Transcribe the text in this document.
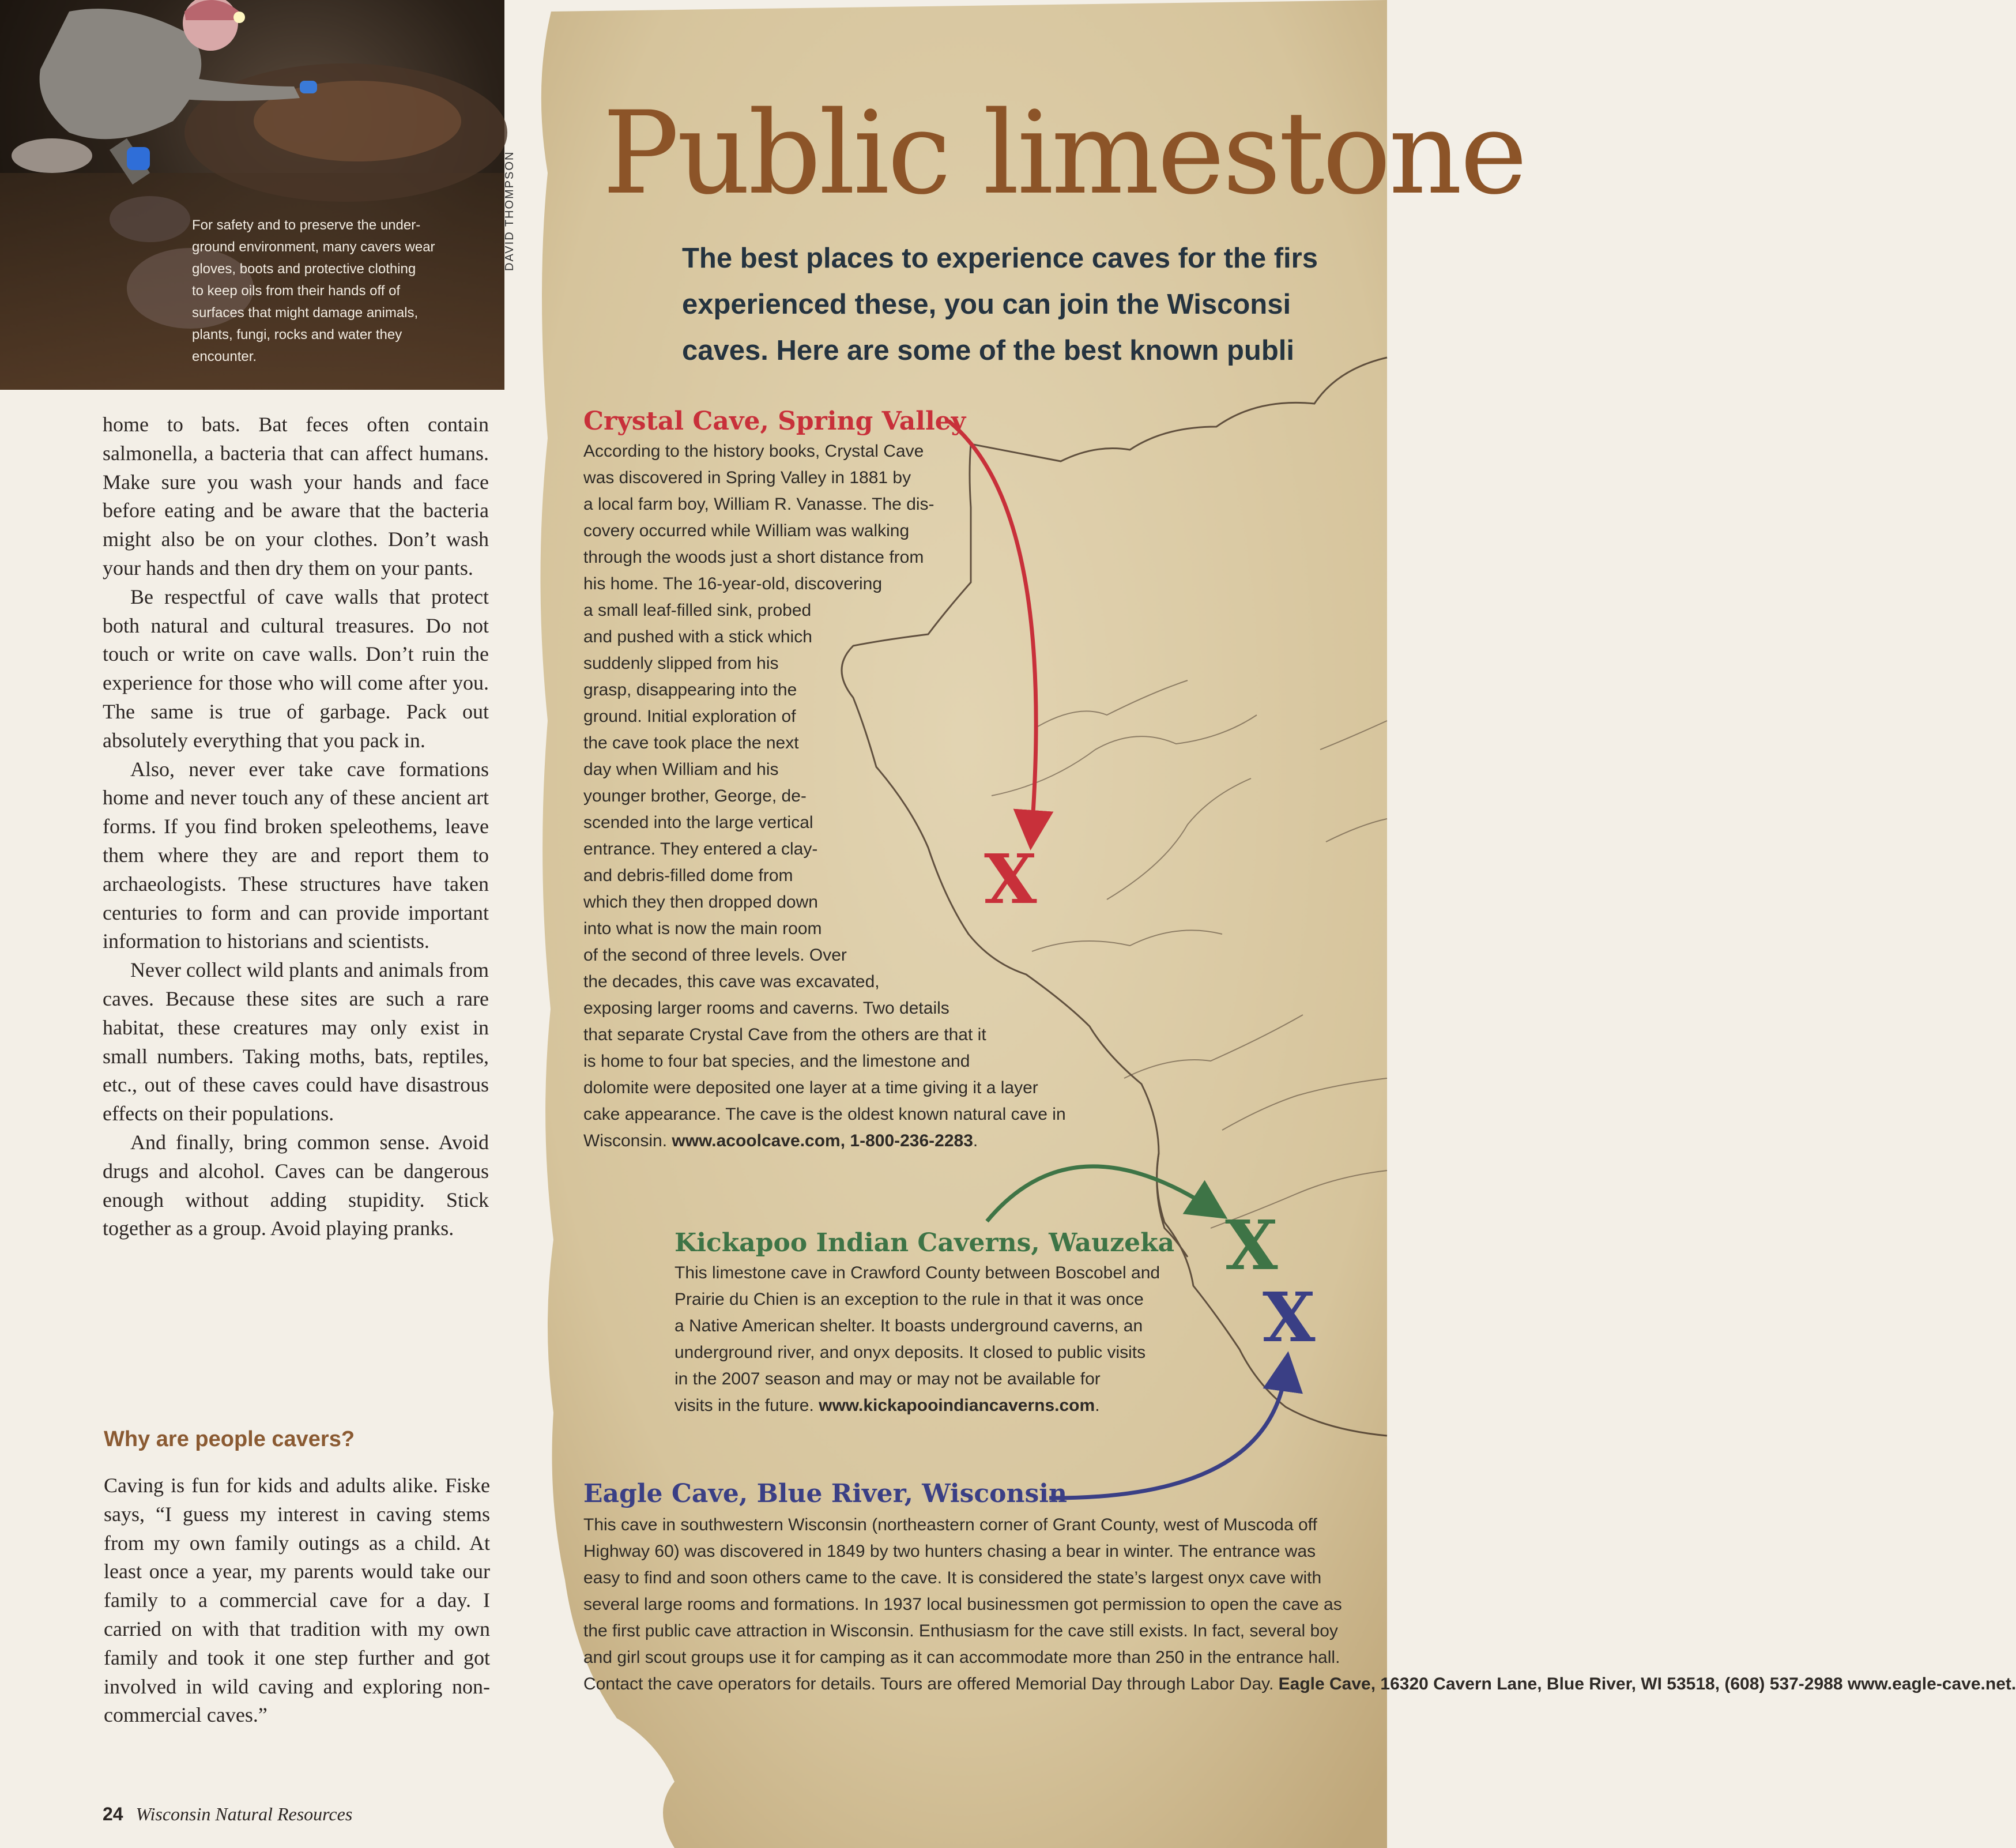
For safety and to preserve the under-
ground environment, many cavers wear
gloves, boots and protective clothing
to keep oils from their hands off of
surfaces that might damage animals,
plants, fungi, rocks and water they
encounter.
DAVID THOMPSON

home to bats. Bat feces often contain salmonella, a bacteria that can affect humans. Make sure you wash your hands and face before eating and be aware that the bacteria might also be on your clothes. Don’t wash your hands and then dry them on your pants.

Be respectful of cave walls that protect both natural and cultural treasures. Do not touch or write on cave walls. Don’t ruin the experience for those who will come after you. The same is true of garbage. Pack out absolutely everything that you pack in.

Also, never ever take cave formations home and never touch any of these ancient art forms. If you find broken speleothems, leave them where they are and report them to archaeologists. These structures have taken centuries to form and can provide important information to historians and scientists.

Never collect wild plants and animals from caves. Because these sites are such a rare habitat, these creatures may only exist in small numbers. Taking moths, bats, reptiles, etc., out of these caves could have disastrous effects on their populations.

And finally, bring common sense. Avoid drugs and alcohol. Caves can be dangerous enough without adding stupidity. Stick together as a group. Avoid playing pranks.

Why are people cavers?

Caving is fun for kids and adults alike. Fiske says, “I guess my interest in caving stems from my own family outings as a child. At least once a year, my parents would take our family to a commercial cave for a day. I carried on with that tradition with my own family and took it one step further and got involved in wild caving and exploring non-commercial caves.”

24 Wisconsin Natural Resources
Public limestone
The best places to experience caves for the firs
experienced these, you can join the Wisconsi
caves. Here are some of the best known publi
Crystal Cave, Spring Valley

According to the history books, Crystal Cave

was discovered in Spring Valley in 1881 by

a local farm boy, William R. Vanasse. The dis-

covery occurred while William was walking

through the woods just a short distance from

his home. The 16-year-old, discovering

a small leaf-filled sink, probed

and pushed with a stick which

suddenly slipped from his

grasp, disappearing into the

ground. Initial exploration of

the cave took place the next

day when William and his

younger brother, George, de-

scended into the large vertical

entrance. They entered a clay-

and debris-filled dome from

which they then dropped down

into what is now the main room

of the second of three levels. Over

the decades, this cave was excavated,

exposing larger rooms and caverns. Two details

that separate Crystal Cave from the others are that it

is home to four bat species, and the limestone and

dolomite were deposited one layer at a time giving it a layer

cake appearance. The cave is the oldest known natural cave in

Wisconsin. www.acoolcave.com, 1-800-236-2283.

X
Kickapoo Indian Caverns, Wauzeka

This limestone cave in Crawford County between Boscobel and

Prairie du Chien is an exception to the rule in that it was once

a Native American shelter. It boasts underground caverns, an

underground river, and onyx deposits. It closed to public visits

in the 2007 season and may or may not be available for

visits in the future. www.kickapooindiancaverns.com.

X
X
Eagle Cave, Blue River, Wisconsin

This cave in southwestern Wisconsin (northeastern corner of Grant County, west of Muscoda off

Highway 60) was discovered in 1849 by two hunters chasing a bear in winter. The entrance was

easy to find and soon others came to the cave. It is considered the state’s largest onyx cave with

several large rooms and formations. In 1937 local businessmen got permission to open the cave as

the first public cave attraction in Wisconsin. Enthusiasm for the cave still exists. In fact, several boy

and girl scout groups use it for camping as it can accommodate more than 250 in the entrance hall.

Contact the cave operators for details. Tours are offered Memorial Day through Labor Day. Eagle Cave, 16320 Cavern Lane, Blue River, WI 53518, (608) 537-2988 www.eagle-cave.net.
